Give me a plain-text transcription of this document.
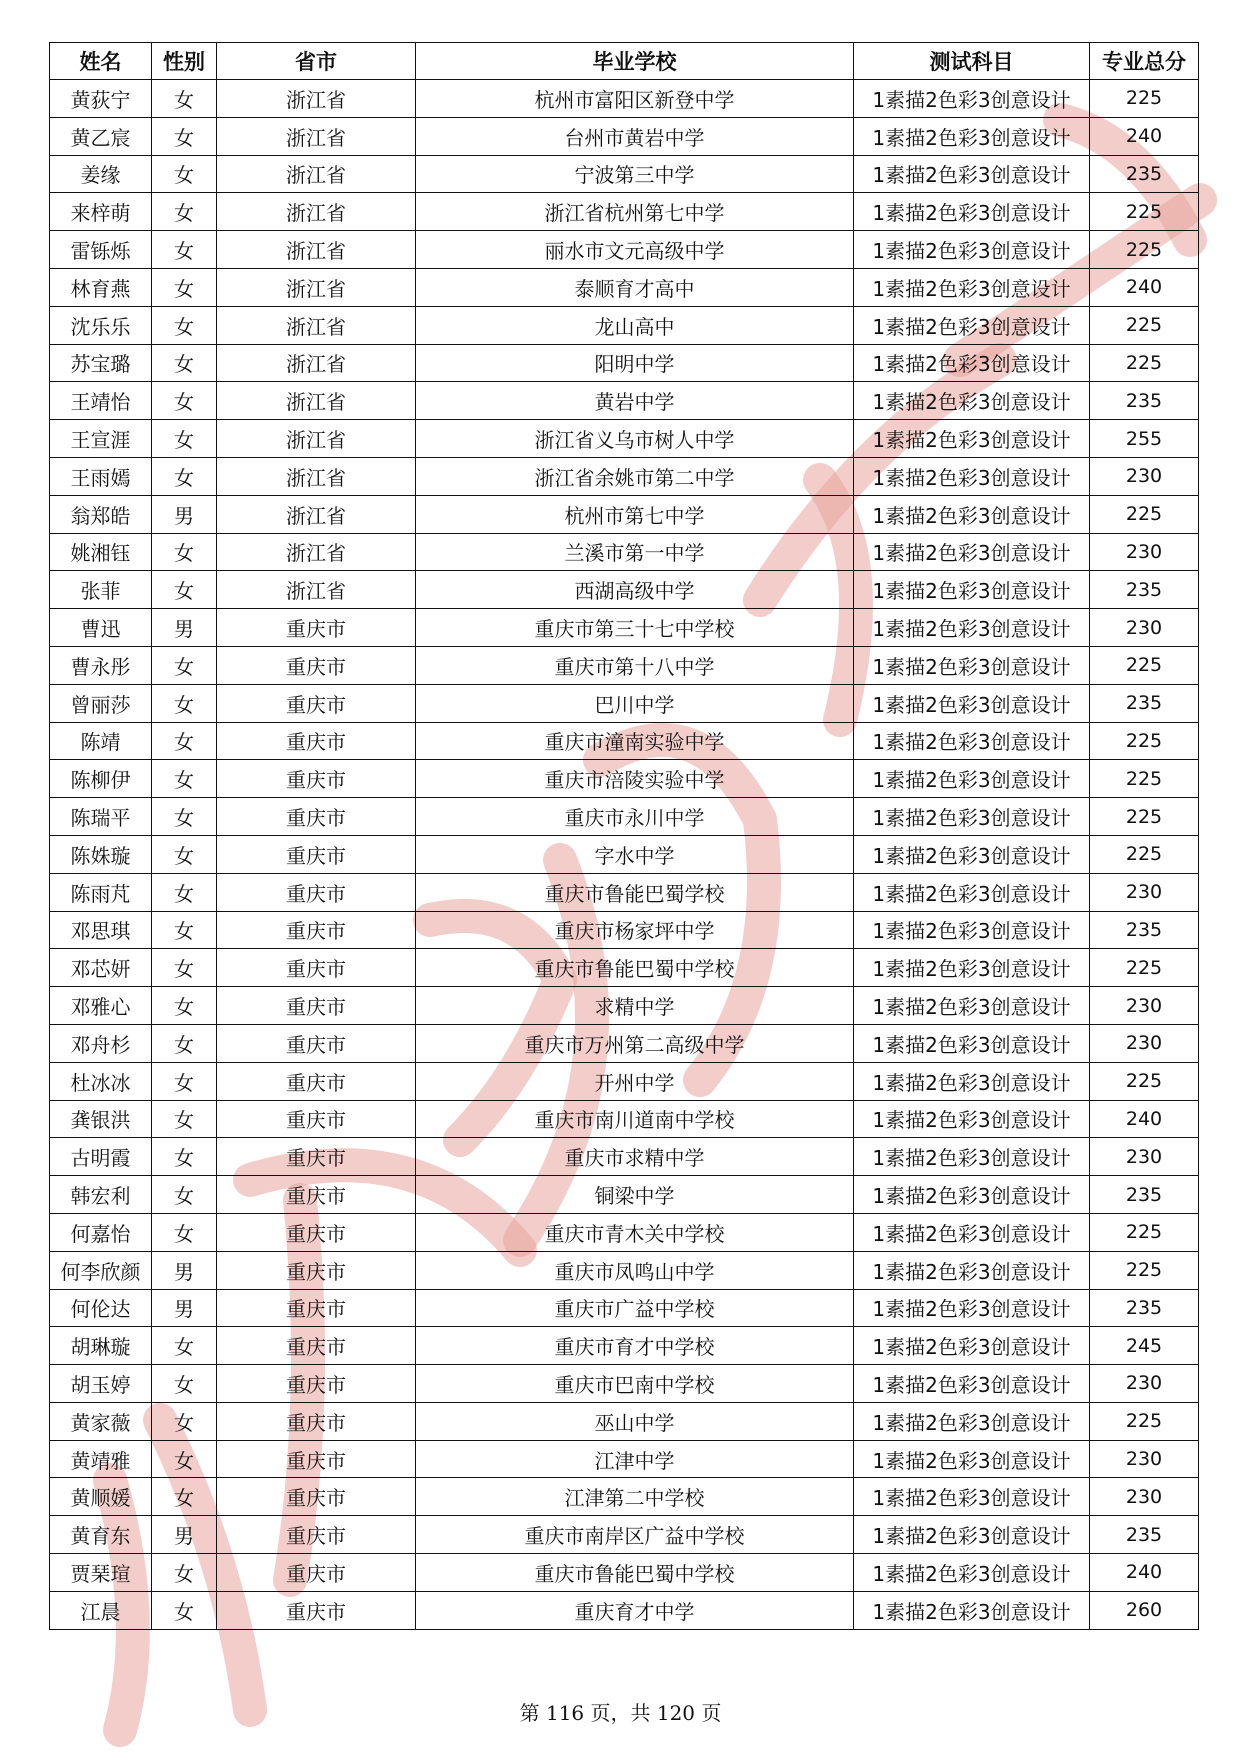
姓名	性别	省市	毕业学校	测试科目	专业总分
黄荻宁	女	浙江省	杭州市富阳区新登中学	1素描2色彩3创意设计	225
黄乙宸	女	浙江省	台州市黄岩中学	1素描2色彩3创意设计	240
姜缘	女	浙江省	宁波第三中学	1素描2色彩3创意设计	235
来梓萌	女	浙江省	浙江省杭州第七中学	1素描2色彩3创意设计	225
雷铄烁	女	浙江省	丽水市文元高级中学	1素描2色彩3创意设计	225
林育燕	女	浙江省	泰顺育才高中	1素描2色彩3创意设计	240
沈乐乐	女	浙江省	龙山高中	1素描2色彩3创意设计	225
苏宝璐	女	浙江省	阳明中学	1素描2色彩3创意设计	225
王靖怡	女	浙江省	黄岩中学	1素描2色彩3创意设计	235
王宣涯	女	浙江省	浙江省义乌市树人中学	1素描2色彩3创意设计	255
王雨嫣	女	浙江省	浙江省余姚市第二中学	1素描2色彩3创意设计	230
翁郑皓	男	浙江省	杭州市第七中学	1素描2色彩3创意设计	225
姚湘钰	女	浙江省	兰溪市第一中学	1素描2色彩3创意设计	230
张菲	女	浙江省	西湖高级中学	1素描2色彩3创意设计	235
曹迅	男	重庆市	重庆市第三十七中学校	1素描2色彩3创意设计	230
曹永彤	女	重庆市	重庆市第十八中学	1素描2色彩3创意设计	225
曾丽莎	女	重庆市	巴川中学	1素描2色彩3创意设计	235
陈靖	女	重庆市	重庆市潼南实验中学	1素描2色彩3创意设计	225
陈柳伊	女	重庆市	重庆市涪陵实验中学	1素描2色彩3创意设计	225
陈瑞平	女	重庆市	重庆市永川中学	1素描2色彩3创意设计	225
陈姝璇	女	重庆市	字水中学	1素描2色彩3创意设计	225
陈雨芃	女	重庆市	重庆市鲁能巴蜀学校	1素描2色彩3创意设计	230
邓思琪	女	重庆市	重庆市杨家坪中学	1素描2色彩3创意设计	235
邓芯妍	女	重庆市	重庆市鲁能巴蜀中学校	1素描2色彩3创意设计	225
邓雅心	女	重庆市	求精中学	1素描2色彩3创意设计	230
邓舟杉	女	重庆市	重庆市万州第二高级中学	1素描2色彩3创意设计	230
杜冰冰	女	重庆市	开州中学	1素描2色彩3创意设计	225
龚银洪	女	重庆市	重庆市南川道南中学校	1素描2色彩3创意设计	240
古明霞	女	重庆市	重庆市求精中学	1素描2色彩3创意设计	230
韩宏利	女	重庆市	铜梁中学	1素描2色彩3创意设计	235
何嘉怡	女	重庆市	重庆市青木关中学校	1素描2色彩3创意设计	225
何李欣颜	男	重庆市	重庆市凤鸣山中学	1素描2色彩3创意设计	225
何伦达	男	重庆市	重庆市广益中学校	1素描2色彩3创意设计	235
胡琳璇	女	重庆市	重庆市育才中学校	1素描2色彩3创意设计	245
胡玉婷	女	重庆市	重庆市巴南中学校	1素描2色彩3创意设计	230
黄家薇	女	重庆市	巫山中学	1素描2色彩3创意设计	225
黄靖雅	女	重庆市	江津中学	1素描2色彩3创意设计	230
黄顺媛	女	重庆市	江津第二中学校	1素描2色彩3创意设计	230
黄育东	男	重庆市	重庆市南岸区广益中学校	1素描2色彩3创意设计	235
贾琹瑄	女	重庆市	重庆市鲁能巴蜀中学校	1素描2色彩3创意设计	240
江晨	女	重庆市	重庆育才中学	1素描2色彩3创意设计	260
第 116 页，共 120 页
